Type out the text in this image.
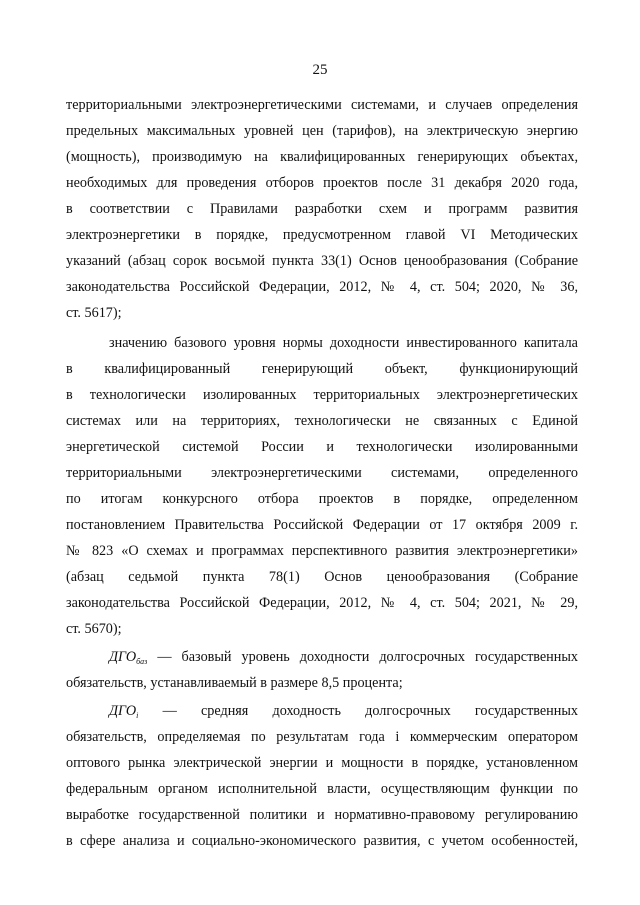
25
территориальными электроэнергетическими системами, и случаев определения
предельных максимальных уровней цен (тарифов), на электрическую энергию
(мощность), производимую на квалифицированных генерирующих объектах,
необходимых для проведения отборов проектов после 31 декабря 2020 года,
в соответствии с Правилами разработки схем и программ развития
электроэнергетики в порядке, предусмотренном главой VI Методических
указаний (абзац сорок восьмой пункта 33(1) Основ ценообразования (Собрание
законодательства Российской Федерации, 2012, № 4, ст. 504; 2020, № 36,
ст. 5617);
значению базового уровня нормы доходности инвестированного капитала
в квалифицированный генерирующий объект, функционирующий
в технологически изолированных территориальных электроэнергетических
системах или на территориях, технологически не связанных с Единой
энергетической системой России и технологически изолированными
территориальными электроэнергетическими системами, определенного
по итогам конкурсного отбора проектов в порядке, определенном
постановлением Правительства Российской Федерации от 17 октября 2009 г.
№ 823 «О схемах и программах перспективного развития электроэнергетики»
(абзац седьмой пункта 78(1) Основ ценообразования (Собрание
законодательства Российской Федерации, 2012, № 4, ст. 504; 2021, № 29,
ст. 5670);
$ДГО_{баз}$ — базовый уровень доходности долгосрочных государственных
обязательств, устанавливаемый в размере 8,5 процента;
$ДГО_i$ — средняя доходность долгосрочных государственных
обязательств, определяемая по результатам года i коммерческим оператором
оптового рынка электрической энергии и мощности в порядке, установленном
федеральным органом исполнительной власти, осуществляющим функции по
выработке государственной политики и нормативно-правовому регулированию
в сфере анализа и социально-экономического развития, с учетом особенностей,
